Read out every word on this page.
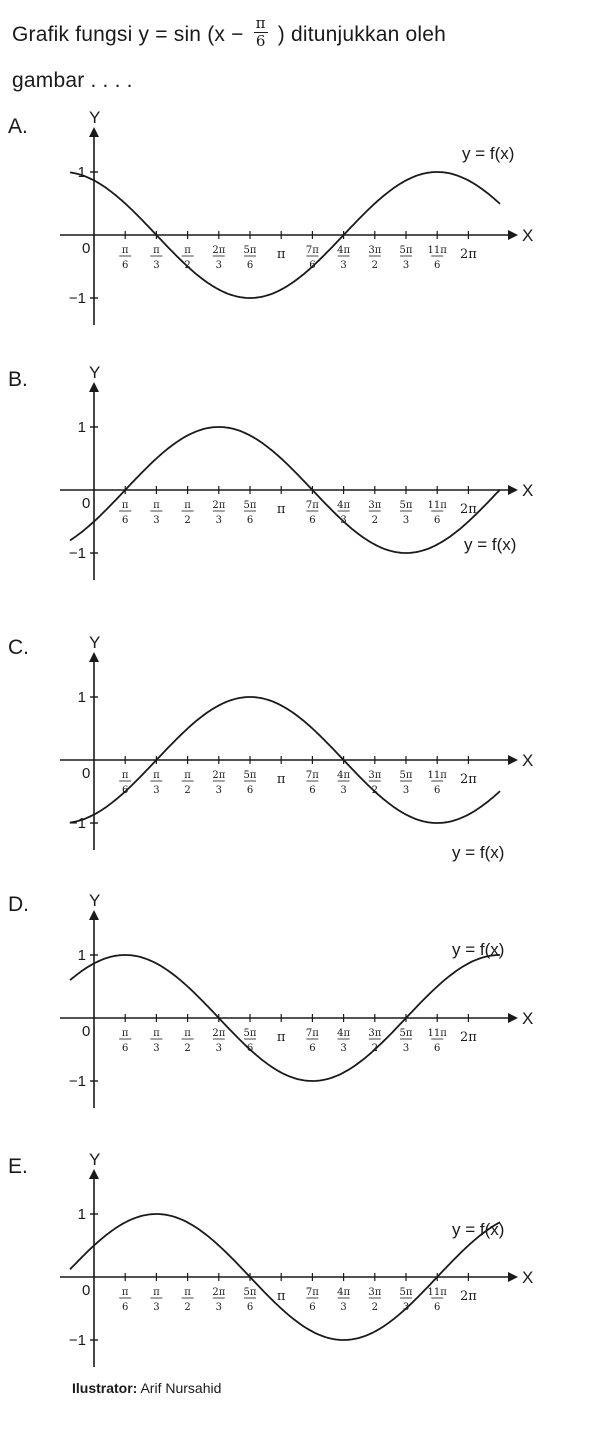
Grafik fungsi $y = \sin (x - \frac{\pi}{6}$ ) ditunjukkan oleh
gambar . . . .
A.
X
Y
1
−1
0	π
6
π
3
π
2
2π
3
5π
6
π 7π
6
4π
3
3π
2
5π
3
11π
6
2π
y = f(x)
B.
X
Y
1
−1
0	π
6
π
3
π
2
2π
3
5π
6
π 7π
6
4π
3
3π
2
5π
3
11π
6
2π
y = f(x)
C.
X
Y
1
−1
0	π
6
π
3
π
2
2π
3
5π
6
π 7π
6
4π
3
3π
2
5π
3
11π
6
2π
y = f(x)
D.
X
Y
1
−1
0	π
6
π
3
π
2
2π
3
5π
6
π 7π
6
4π
3
3π
2
5π
3
11π
6
2π
y = f(x)
E.
X
Y
1
−1
0	π
6
π
3
π
2
2π
3
5π
6
π 7π
6
4π
3
3π
2
5π
3
11π
6
2π
y = f(x)
Ilustrator: Arif Nursahid
